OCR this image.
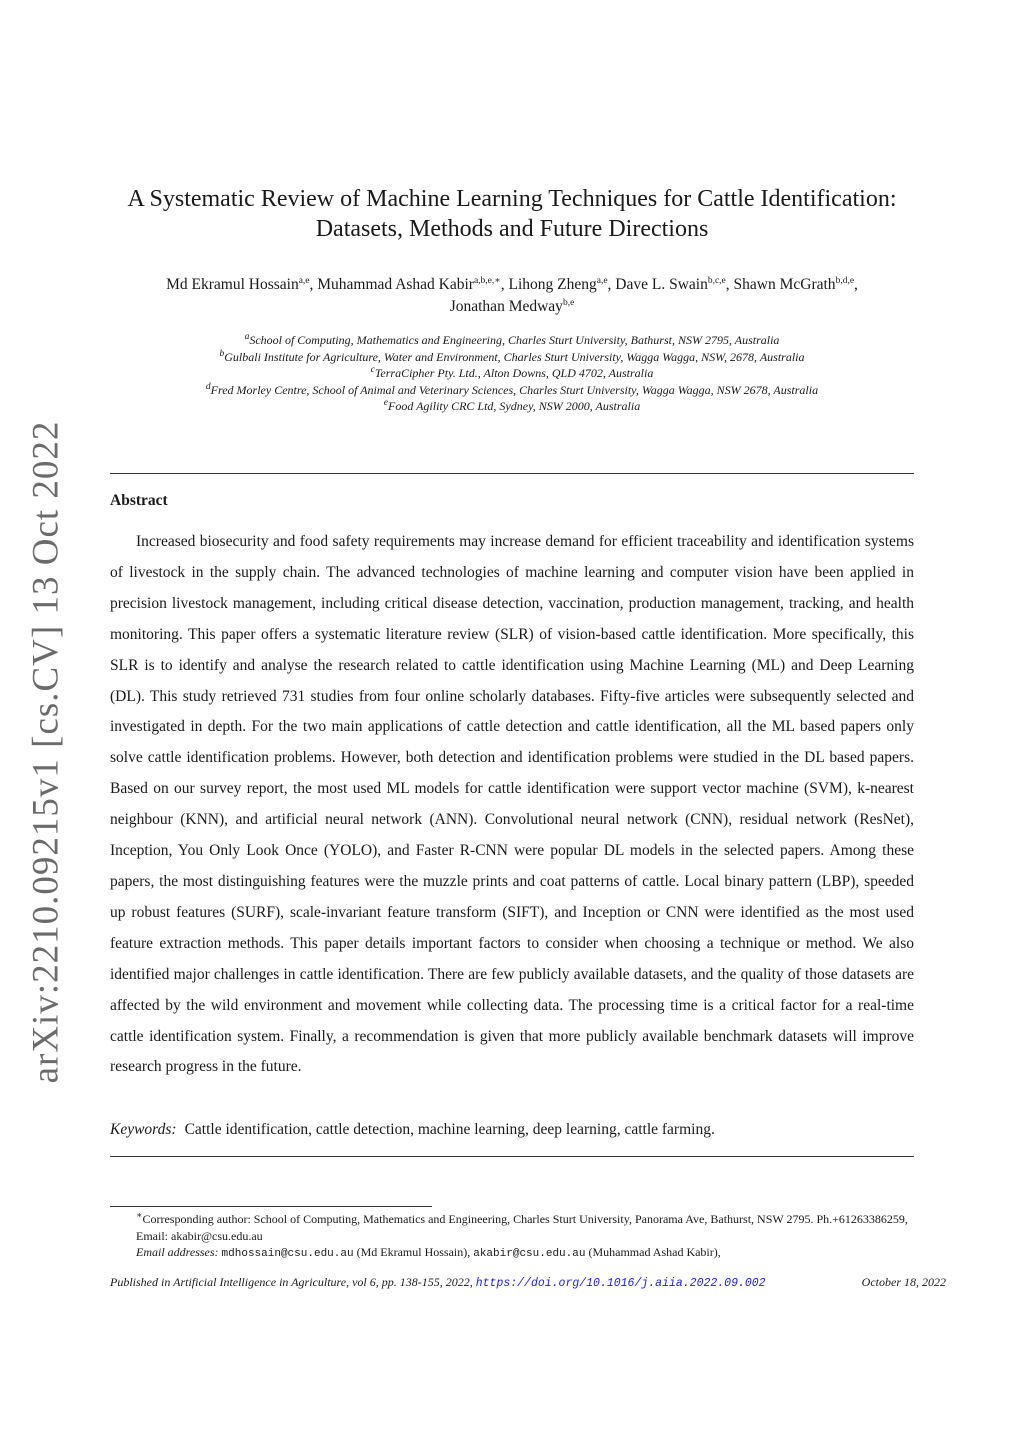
arXiv:2210.09215v1 [cs.CV] 13 Oct 2022
A Systematic Review of Machine Learning Techniques for Cattle Identification:
Datasets, Methods and Future Directions
Md Ekramul Hossain$^{a,e}$, Muhammad Ashad Kabir$^{a,b,e,∗}$, Lihong Zheng$^{a,e}$, Dave L. Swain$^{b,c,e}$, Shawn McGrath$^{b,d,e}$,
Jonathan Medway$^{b,e}$
$^a$School of Computing, Mathematics and Engineering, Charles Sturt University, Bathurst, NSW 2795, Australia
$^b$Gulbali Institute for Agriculture, Water and Environment, Charles Sturt University, Wagga Wagga, NSW, 2678, Australia
$^c$TerraCipher Pty. Ltd., Alton Downs, QLD 4702, Australia
$^d$Fred Morley Centre, School of Animal and Veterinary Sciences, Charles Sturt University, Wagga Wagga, NSW 2678, Australia
$^e$Food Agility CRC Ltd, Sydney, NSW 2000, Australia
Abstract
Increased biosecurity and food safety requirements may increase demand for efficient traceability and identification systems of livestock in the supply chain. The advanced technologies of machine learning and computer vision have been applied in precision livestock management, including critical disease detection, vaccination, production management, tracking, and health monitoring. This paper offers a systematic literature review (SLR) of vision-based cattle identification. More specifically, this SLR is to identify and analyse the research related to cattle identification using Machine Learning (ML) and Deep Learning (DL). This study retrieved 731 studies from four online scholarly databases. Fifty-five articles were subsequently selected and investigated in depth. For the two main applications of cattle detection and cattle identification, all the ML based papers only solve cattle identification problems. However, both detection and identification problems were studied in the DL based papers. Based on our survey report, the most used ML models for cattle identification were support vector machine (SVM), k-nearest neighbour (KNN), and artificial neural network (ANN). Convolutional neural network (CNN), residual network (ResNet), Inception, You Only Look Once (YOLO), and Faster R-CNN were popular DL models in the selected papers. Among these papers, the most distinguishing features were the muzzle prints and coat patterns of cattle. Local binary pattern (LBP), speeded up robust features (SURF), scale-invariant feature transform (SIFT), and Inception or CNN were identified as the most used feature extraction methods. This paper details important factors to consider when choosing a technique or method. We also identified major challenges in cattle identification. There are few publicly available datasets, and the quality of those datasets are affected by the wild environment and movement while collecting data. The processing time is a critical factor for a real-time cattle identification system. Finally, a recommendation is given that more publicly available benchmark datasets will improve research progress in the future.
Keywords: Cattle identification, cattle detection, machine learning, deep learning, cattle farming.
∗Corresponding author: School of Computing, Mathematics and Engineering, Charles Sturt University, Panorama Ave, Bathurst, NSW 2795. Ph.+61263386259, Email: akabir@csu.edu.au
Email addresses: mdhossain@csu.edu.au (Md Ekramul Hossain), akabir@csu.edu.au (Muhammad Ashad Kabir),
Published in Artificial Intelligence in Agriculture, vol 6, pp. 138-155, 2022, https://doi.org/10.1016/j.aiia.2022.09.002	October 18, 2022
